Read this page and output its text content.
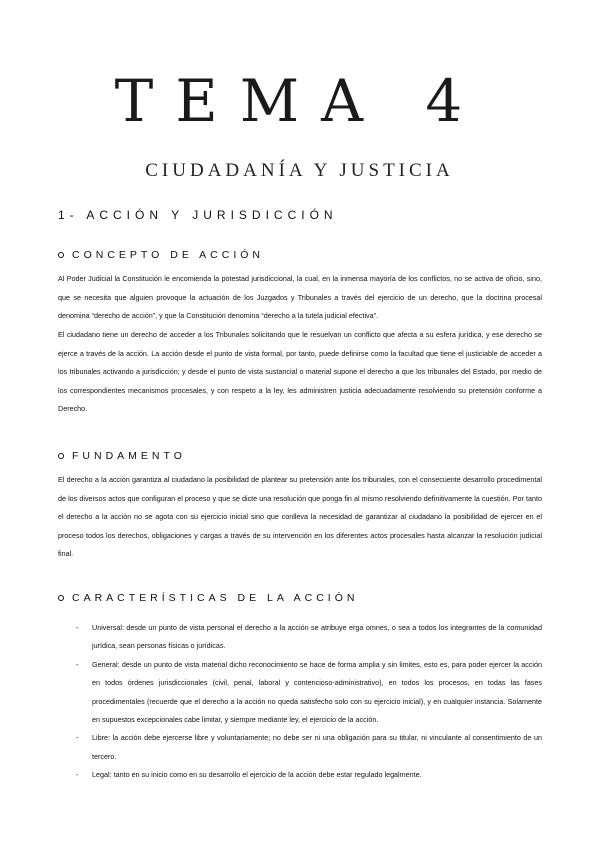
TEMA 4
CIUDADANÍA Y JUSTICIA
1- ACCIÓN Y JURISDICCIÓN
CONCEPTO DE ACCIÓN

Al Poder Judicial la Constitución le encomienda la potestad jurisdiccional, la cual, en la inmensa mayoría de los conflictos, no se activa de oficio, sino, que se necesita que alguien provoque la actuación de los Juzgados y Tribunales a través del ejercicio de un derecho, que la doctrina procesal denomina “derecho de acción”, y que la Constitución denomina “derecho a la tutela judicial efectiva”.

El ciudadano tiene un derecho de acceder a los Tribunales solicitando que le resuelvan un conflicto que afecta a su esfera jurídica, y ese derecho se ejerce a través de la acción. La acción desde el punto de vista formal, por tanto, puede definirse como la facultad que tiene el justiciable de acceder a los tribunales activando a jurisdicción; y desde el punto de vista sustancial o material supone el derecho a que los tribunales del Estado, por medio de los correspondientes mecanismos procesales, y con respeto a la ley, les administren justicia adecuadamente resolviendo su pretensión conforme a Derecho.

FUNDAMENTO

El derecho a la acción garantiza al ciudadano la posibilidad de plantear su pretensión ante los tribunales, con el consecuente desarrollo procedimental de los diversos actos que configuran el proceso y que se dicte una resolución que ponga fin al mismo resolviendo definitivamente la cuestión. Por tanto el derecho a la acción no se agota con su ejercicio inicial sino que conlleva la necesidad de garantizar al ciudadano la posibilidad de ejercer en el proceso todos los derechos, obligaciones y cargas a través de su intervención en los diferentes actos procesales hasta alcanzar la resolución judicial final.

CARACTERÍSTICAS DE LA ACCIÓN
- Universal: desde un punto de vista personal el derecho a la acción se atribuye erga omnes, o sea a todos los integrantes de la comunidad jurídica, sean personas físicas o jurídicas.
- General: desde un punto de vista material dicho reconocimiento se hace de forma amplia y sin limites, esto es, para poder ejercer la acción en todos órdenes jurisdiccionales (civil, penal, laboral y contencioso-administrativo), en todos los procesos, en todas las fases procedimentales (recuerde que el derecho a la acción no queda satisfecho solo con su ejercicio inicial), y en cualquier instancia. Solamente en supuestos excepcionales cabe limitar, y siempre mediante ley, el ejercicio de la acción.
- Libre: la acción debe ejercerse libre y voluntariamente; no debe ser ni una obligación para su titular, ni vinculante al consentimiento de un tercero.
- Legal: tanto en su inicio como en su desarrollo el ejercicio de la acción debe estar regulado legalmente.
